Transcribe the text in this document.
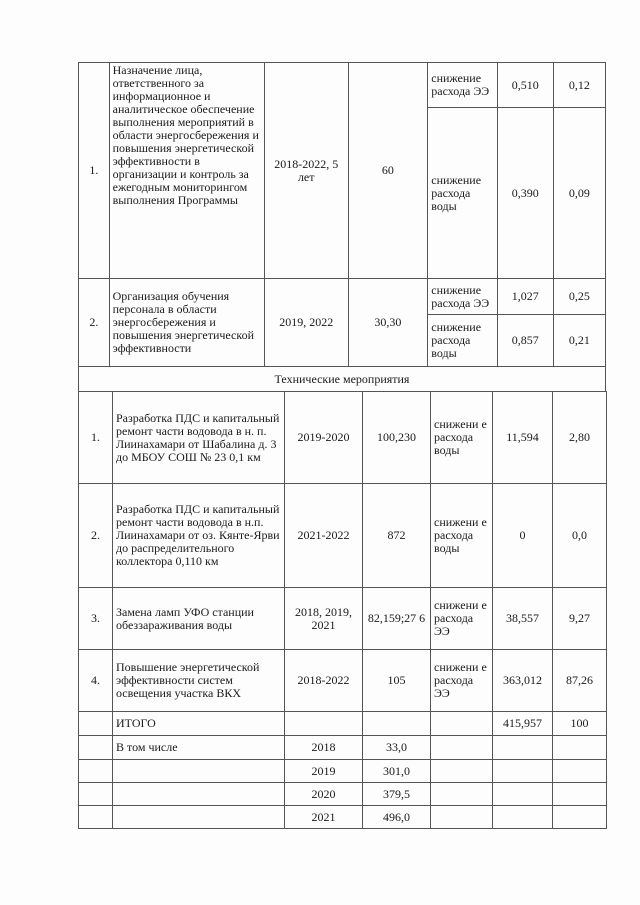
1.	Назначение лица, ответственного за информационное и аналитическое обеспечение выполнения мероприятий в области энергосбережения и повышения энергетической эффективности в организации и контроль за ежегодным мониторингом выполнения Программы	2018-2022, 5 лет	60	снижение расхода ЭЭ	0,510	0,12
				снижение расхода воды	0,390	0,09
2.	Организация обучения персонала в области энергосбережения и повышения энергетической эффективности	2019, 2022	30,30	снижение расхода ЭЭ	1,027	0,25
				снижение расхода воды	0,857	0,21
Технические мероприятия						
1.	Разработка ПДС и капитальный ремонт части водовода в н. п. Лиинахамари от Шабалина д. 3 до МБОУ СОШ № 23 0,1 км	2019-2020	100,230	снижени е расхода воды	11,594	2,80
2.	Разработка ПДС и капитальный ремонт части водовода в н.п. Лиинахамари от оз. Кянте-Ярви до распределительного коллектора 0,110 км	2021-2022	872	снижени е расхода воды	0	0,0
3.	Замена ламп УФО станции обеззараживания воды	2018, 2019, 2021	82,159;27 6	снижени е расхода ЭЭ	38,557	9,27
4.	Повышение энергетической эффективности систем освещения участка ВКХ	2018-2022	105	снижени е расхода ЭЭ	363,012	87,26
	ИТОГО				415,957	100
	В том числе	2018	33,0			
		2019	301,0			
		2020	379,5			
		2021	496,0			
